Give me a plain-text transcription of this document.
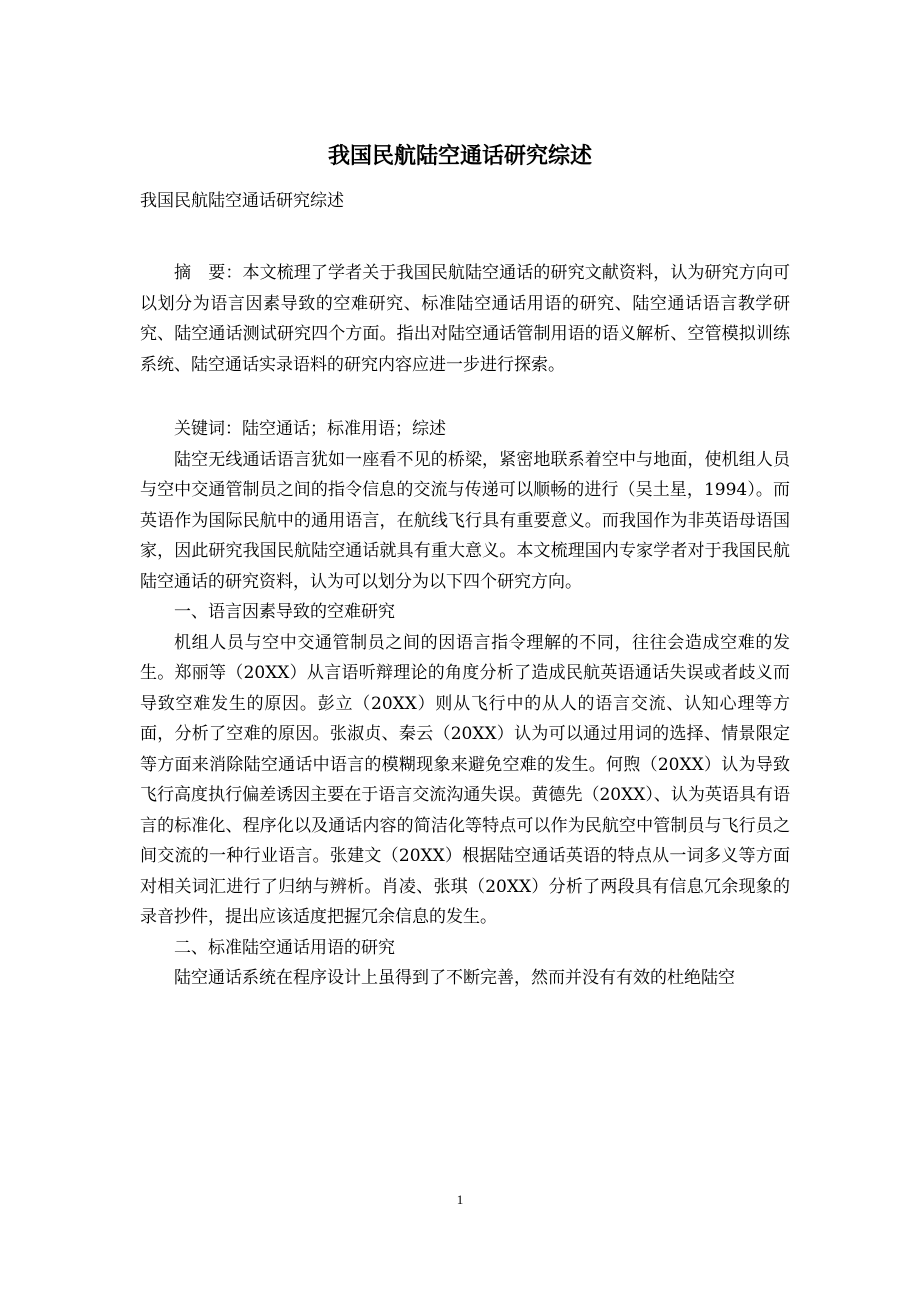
我国民航陆空通话研究综述
我国民航陆空通话研究综述

摘　要：本文梳理了学者关于我国民航陆空通话的研究文献资料，认为研究方向可以划分为语言因素导致的空难研究、标准陆空通话用语的研究、陆空通话语言教学研究、陆空通话测试研究四个方面。指出对陆空通话管制用语的语义解析、空管模拟训练系统、陆空通话实录语料的研究内容应进一步进行探索。

关键词：陆空通话；标准用语；综述

陆空无线通话语言犹如一座看不见的桥梁，紧密地联系着空中与地面，使机组人员与空中交通管制员之间的指令信息的交流与传递可以顺畅的进行（吴土星，1994）。而英语作为国际民航中的通用语言，在航线飞行具有重要意义。而我国作为非英语母语国家，因此研究我国民航陆空通话就具有重大意义。本文梳理国内专家学者对于我国民航陆空通话的研究资料，认为可以划分为以下四个研究方向。

一、语言因素导致的空难研究

机组人员与空中交通管制员之间的因语言指令理解的不同，往往会造成空难的发生。郑丽等（20XX）从言语听辩理论的角度分析了造成民航英语通话失误或者歧义而导致空难发生的原因。彭立（20XX）则从飞行中的从人的语言交流、认知心理等方面，分析了空难的原因。张淑贞、秦云（20XX）认为可以通过用词的选择、情景限定等方面来消除陆空通话中语言的模糊现象来避免空难的发生。何煦（20XX）认为导致飞行高度执行偏差诱因主要在于语言交流沟通失误。黄德先（20XX）、认为英语具有语言的标准化、程序化以及通话内容的简洁化等特点可以作为民航空中管制员与飞行员之间交流的一种行业语言。张建文（20XX）根据陆空通话英语的特点从一词多义等方面对相关词汇进行了归纳与辨析。肖凌、张琪（20XX）分析了两段具有信息冗余现象的录音抄件，提出应该适度把握冗余信息的发生。

二、标准陆空通话用语的研究

陆空通话系统在程序设计上虽得到了不断完善，然而并没有有效的杜绝陆空

1
